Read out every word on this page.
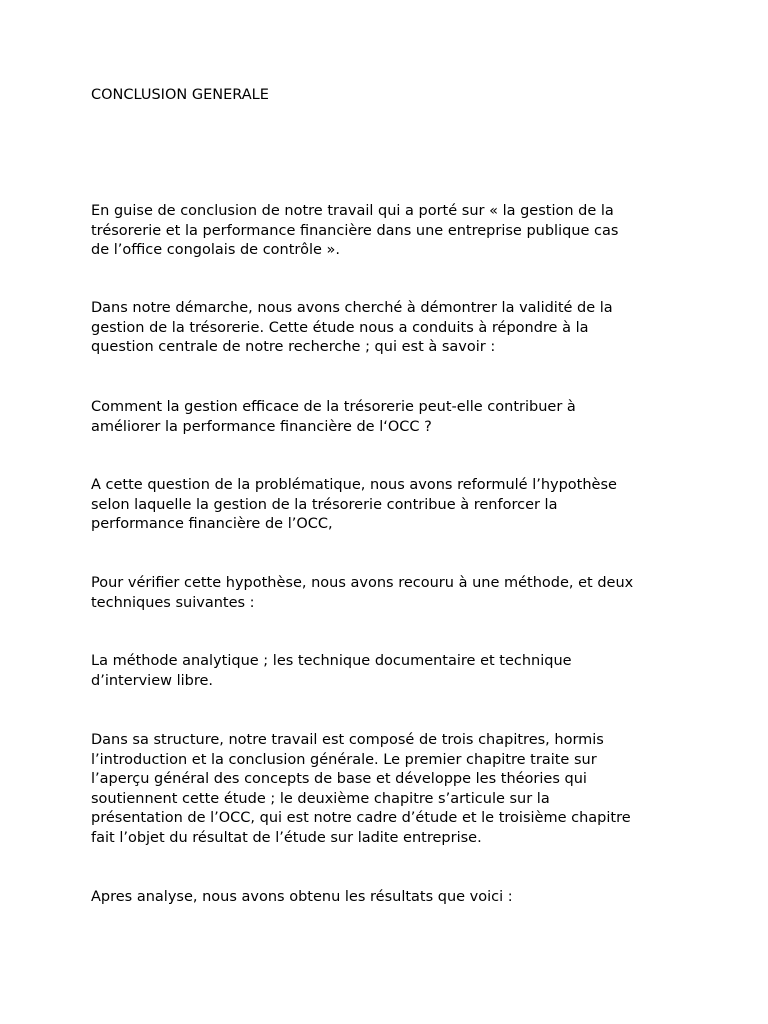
CONCLUSION GENERALE

En guise de conclusion de notre travail qui a porté sur « la gestion de la
trésorerie et la performance financière dans une entreprise publique cas
de l’office congolais de contrôle ».

Dans notre démarche, nous avons cherché à démontrer la validité de la
gestion de la trésorerie. Cette étude nous a conduits à répondre à la
question centrale de notre recherche ; qui est à savoir :

Comment la gestion efficace de la trésorerie peut-elle contribuer à
améliorer la performance financière de l‘OCC ?

A cette question de la problématique, nous avons reformulé l’hypothèse
selon laquelle la gestion de la trésorerie contribue à renforcer la
performance financière de l’OCC,

Pour vérifier cette hypothèse, nous avons recouru à une méthode, et deux
techniques suivantes :

La méthode analytique ; les technique documentaire et technique
d’interview libre.

Dans sa structure, notre travail est composé de trois chapitres, hormis
l’introduction et la conclusion générale. Le premier chapitre traite sur
l’aperçu général des concepts de base et développe les théories qui
soutiennent cette étude ; le deuxième chapitre s’articule sur la
présentation de l’OCC, qui est notre cadre d’étude et le troisième chapitre
fait l’objet du résultat de l’étude sur ladite entreprise.

Apres analyse, nous avons obtenu les résultats que voici :
